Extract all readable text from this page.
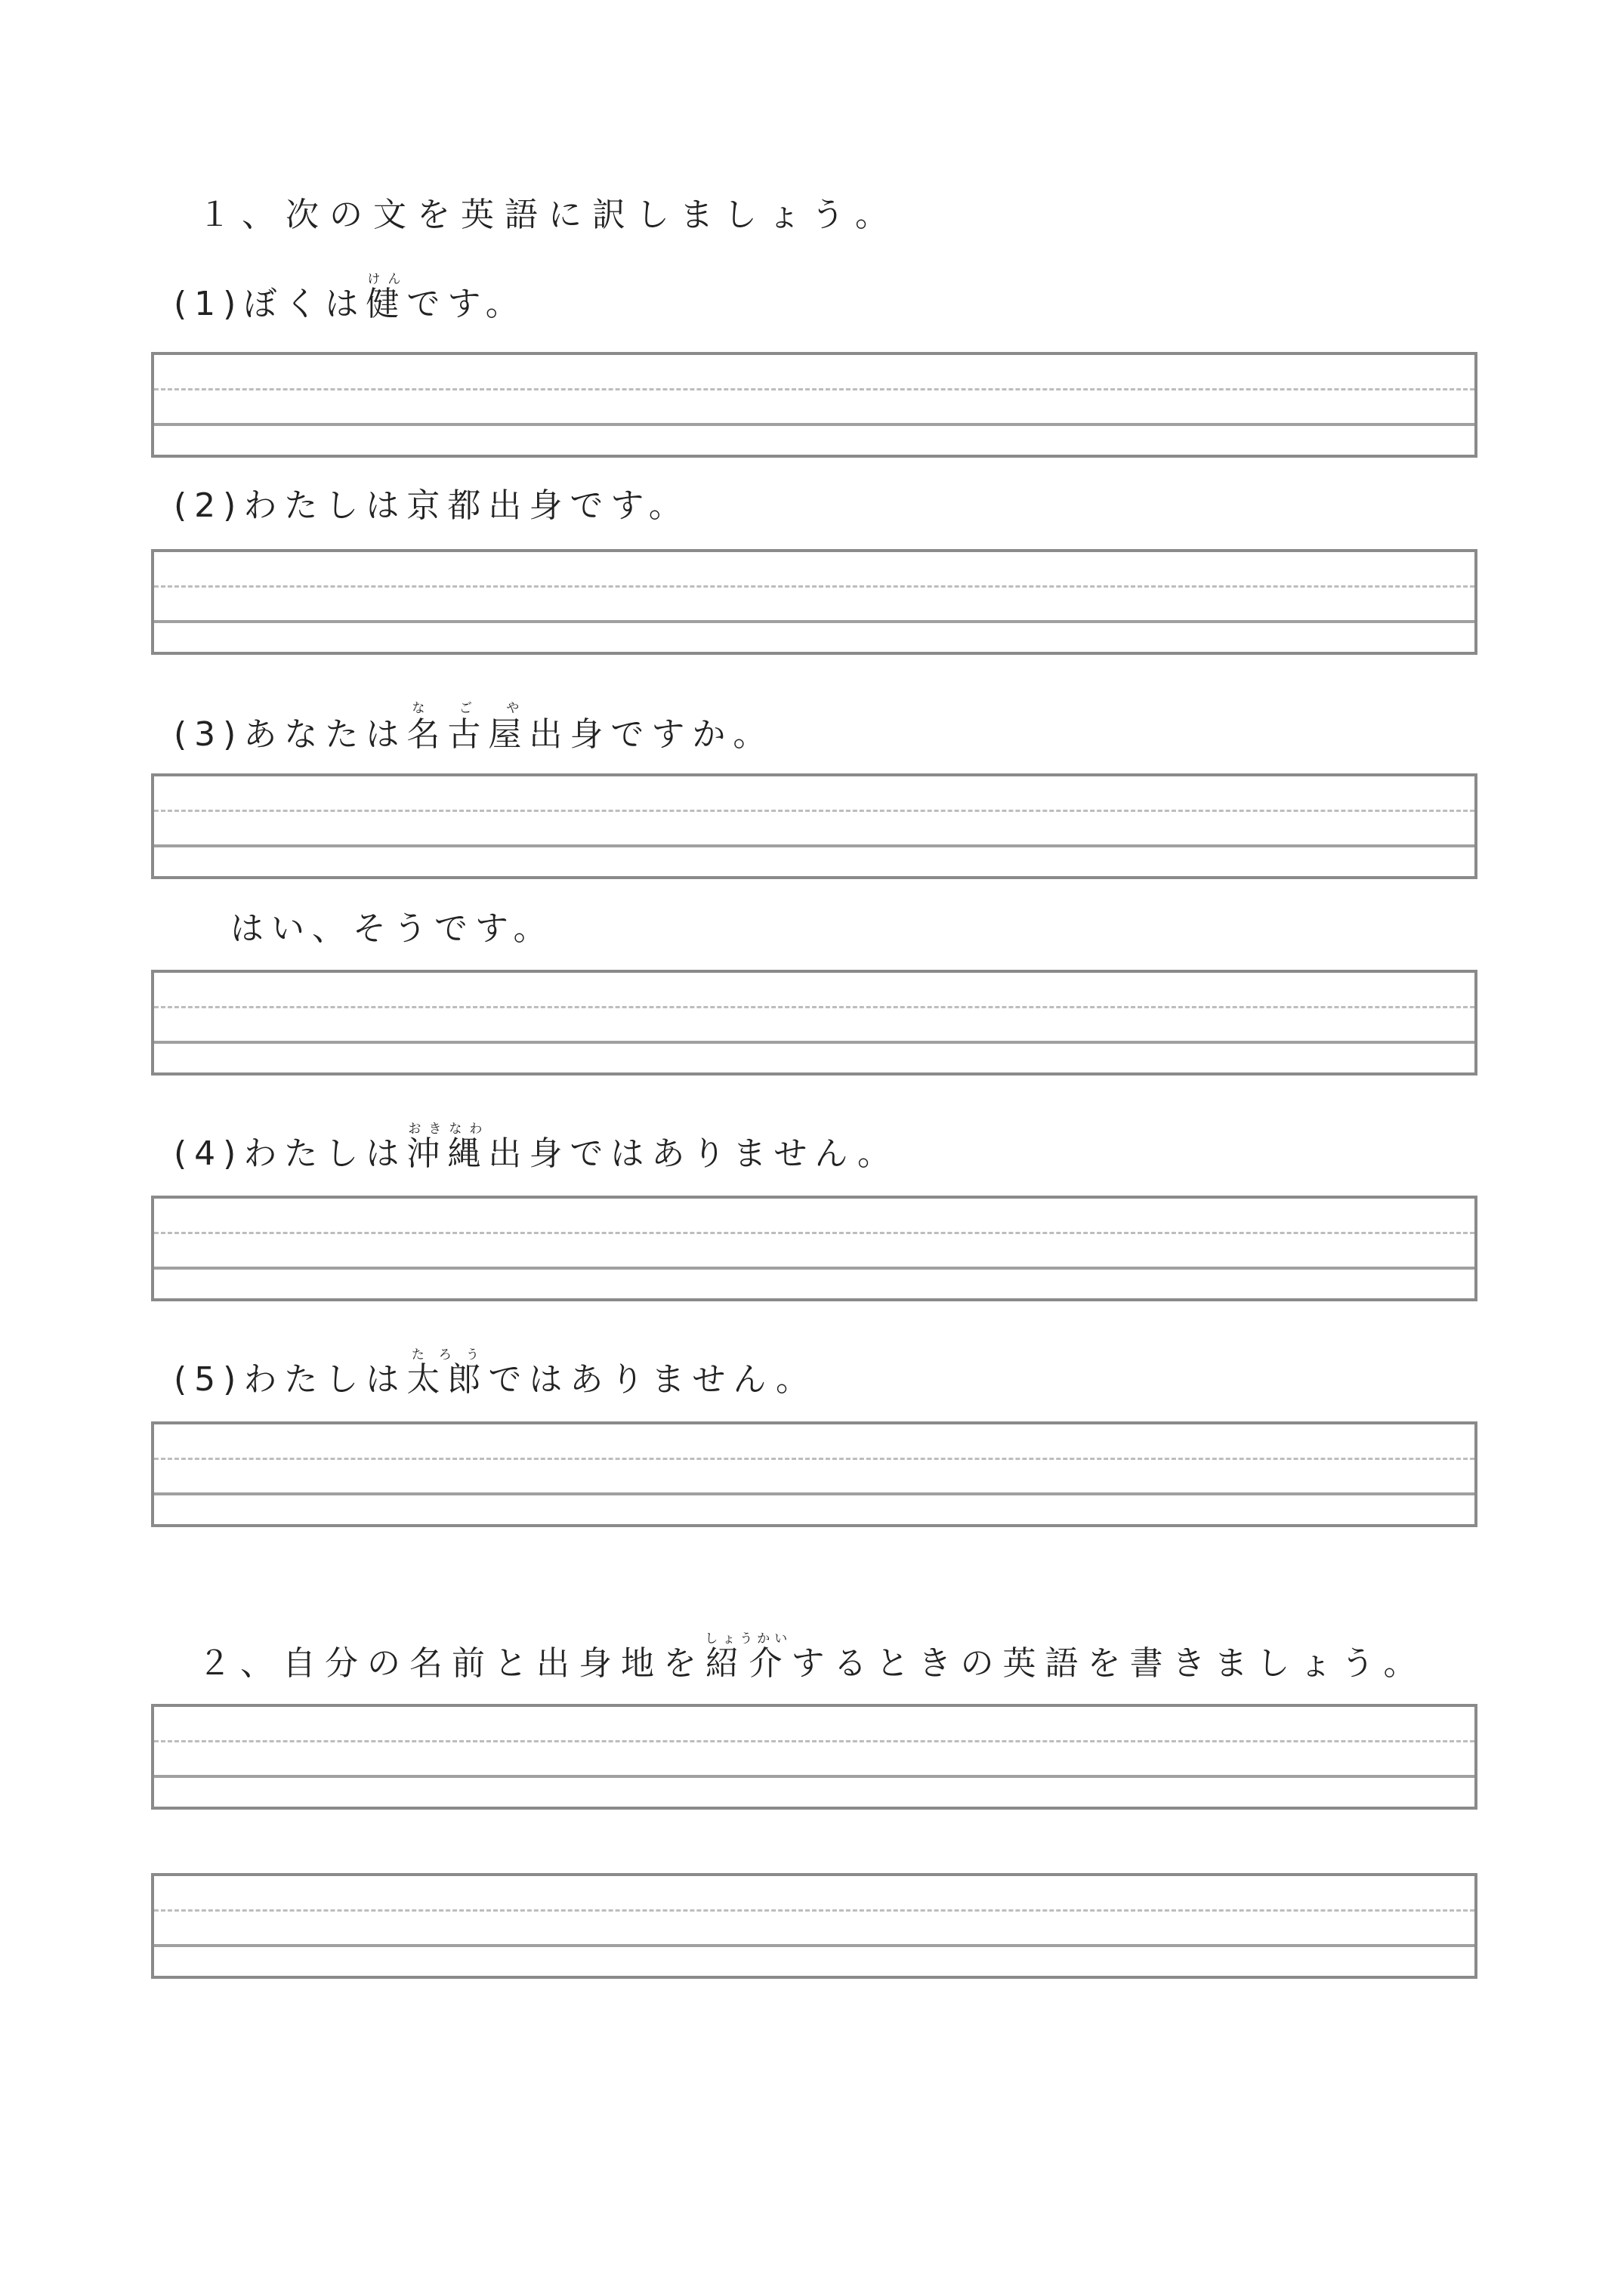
１、次の文を英語に訳しましょう。

(1)ぼくは健けんです。

(2)わたしは京都出身です。

(3)あなたは名古屋な ご や出身ですか。

はい、そうです。

(4)わたしは沖縄おきなわ出身ではありません。

(5)わたしは太郎たろうではありません。

２、自分の名前と出身地を紹介しょうかいするときの英語を書きましょう。
